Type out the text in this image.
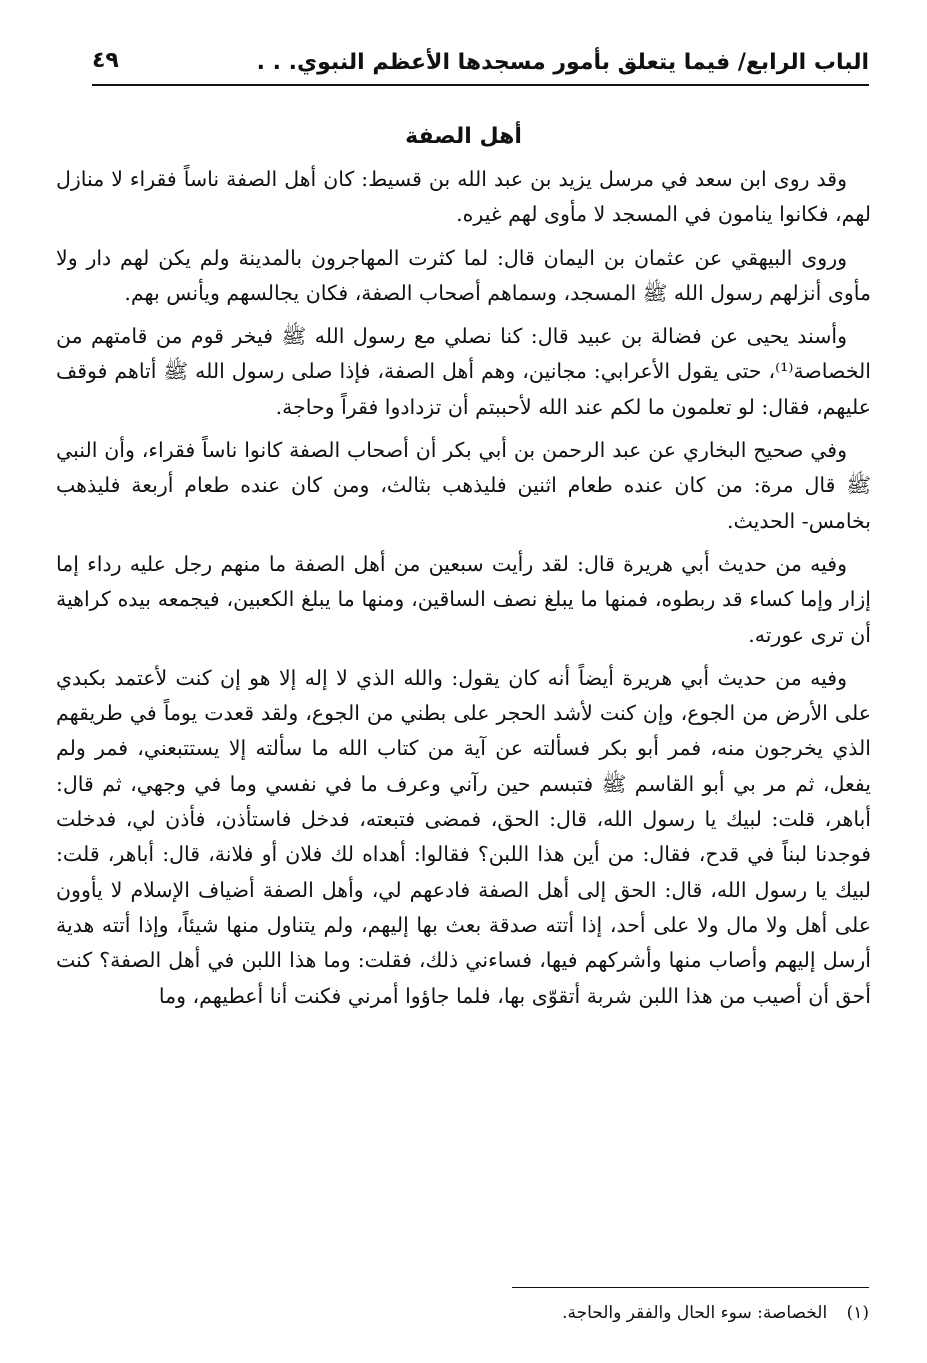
الباب الرابع/ فيما يتعلق بأمور مسجدها الأعظم النبوي. . .
٤٩
أهل الصفة

وقد روى ابن سعد في مرسل يزيد بن عبد الله بن قسيط: كان أهل الصفة ناساً فقراء لا منازل لهم، فكانوا ينامون في المسجد لا مأوى لهم غيره.

وروى البيهقي عن عثمان بن اليمان قال: لما كثرت المهاجرون بالمدينة ولم يكن لهم دار ولا مأوى أنزلهم رسول الله ﷺ المسجد، وسماهم أصحاب الصفة، فكان يجالسهم ويأنس بهم.

وأسند يحيى عن فضالة بن عبيد قال: كنا نصلي مع رسول الله ﷺ فيخر قوم من قامتهم من الخصاصة⁽¹⁾، حتى يقول الأعرابي: مجانين، وهم أهل الصفة، فإذا صلى رسول الله ﷺ أتاهم فوقف عليهم، فقال: لو تعلمون ما لكم عند الله لأحببتم أن تزدادوا فقراً وحاجة.

وفي صحيح البخاري عن عبد الرحمن بن أبي بكر أن أصحاب الصفة كانوا ناساً فقراء، وأن النبي ﷺ قال مرة: من كان عنده طعام اثنين فليذهب بثالث، ومن كان عنده طعام أربعة فليذهب بخامس- الحديث.

وفيه من حديث أبي هريرة قال: لقد رأيت سبعين من أهل الصفة ما منهم رجل عليه رداء إما إزار وإما كساء قد ربطوه، فمنها ما يبلغ نصف الساقين، ومنها ما يبلغ الكعبين، فيجمعه بيده كراهية أن ترى عورته.

وفيه من حديث أبي هريرة أيضاً أنه كان يقول: والله الذي لا إله إلا هو إن كنت لأعتمد بكبدي على الأرض من الجوع، وإن كنت لأشد الحجر على بطني من الجوع، ولقد قعدت يوماً في طريقهم الذي يخرجون منه، فمر أبو بكر فسألته عن آية من كتاب الله ما سألته إلا يستتبعني، فمر ولم يفعل، ثم مر بي أبو القاسم ﷺ فتبسم حين رآني وعرف ما في نفسي وما في وجهي، ثم قال: أباهر، قلت: لبيك يا رسول الله، قال: الحق، فمضى فتبعته، فدخل فاستأذن، فأذن لي، فدخلت فوجدنا لبناً في قدح، فقال: من أين هذا اللبن؟ فقالوا: أهداه لك فلان أو فلانة، قال: أباهر، قلت: لبيك يا رسول الله، قال: الحق إلى أهل الصفة فادعهم لي، وأهل الصفة أضياف الإسلام لا يأوون على أهل ولا مال ولا على أحد، إذا أتته صدقة بعث بها إليهم، ولم يتناول منها شيئاً، وإذا أتته هدية أرسل إليهم وأصاب منها وأشركهم فيها، فساءني ذلك، فقلت: وما هذا اللبن في أهل الصفة؟ كنت أحق أن أصيب من هذا اللبن شربة أتقوّى بها، فلما جاؤوا أمرني فكنت أنا أعطيهم، وما

(١) الخصاصة: سوء الحال والفقر والحاجة.
